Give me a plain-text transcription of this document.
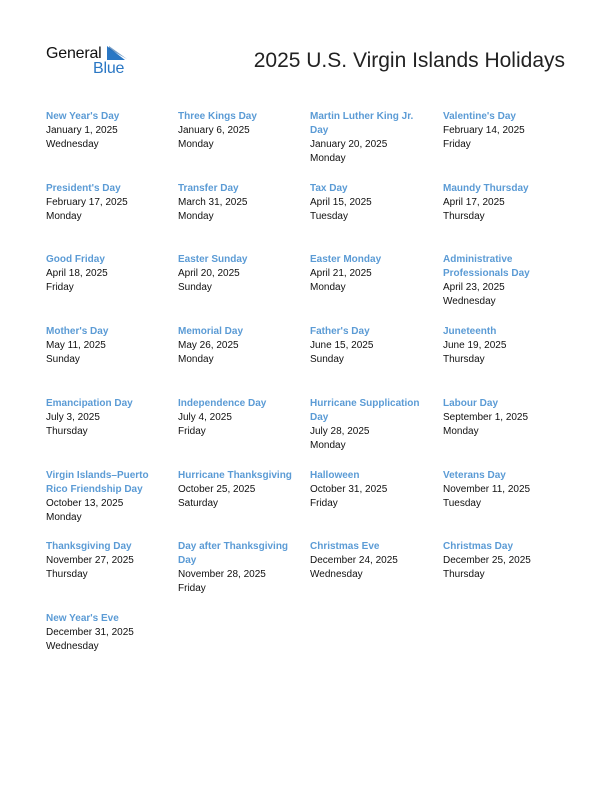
General
Blue	2025 U.S. Virgin Islands Holidays
New Year's Day
January 1, 2025
Wednesday
Three Kings Day
January 6, 2025
Monday
Martin Luther King Jr. Day
January 20, 2025
Monday
Valentine's Day
February 14, 2025
Friday
President's Day
February 17, 2025
Monday
Transfer Day
March 31, 2025
Monday
Tax Day
April 15, 2025
Tuesday
Maundy Thursday
April 17, 2025
Thursday
Good Friday
April 18, 2025
Friday
Easter Sunday
April 20, 2025
Sunday
Easter Monday
April 21, 2025
Monday
Administrative Professionals Day
April 23, 2025
Wednesday
Mother's Day
May 11, 2025
Sunday
Memorial Day
May 26, 2025
Monday
Father's Day
June 15, 2025
Sunday
Juneteenth
June 19, 2025
Thursday
Emancipation Day
July 3, 2025
Thursday
Independence Day
July 4, 2025
Friday
Hurricane Supplication Day
July 28, 2025
Monday
Labour Day
September 1, 2025
Monday
Virgin Islands–Puerto Rico Friendship Day
October 13, 2025
Monday
Hurricane Thanksgiving
October 25, 2025
Saturday
Halloween
October 31, 2025
Friday
Veterans Day
November 11, 2025
Tuesday
Thanksgiving Day
November 27, 2025
Thursday
Day after Thanksgiving Day
November 28, 2025
Friday
Christmas Eve
December 24, 2025
Wednesday
Christmas Day
December 25, 2025
Thursday
New Year's Eve
December 31, 2025
Wednesday
